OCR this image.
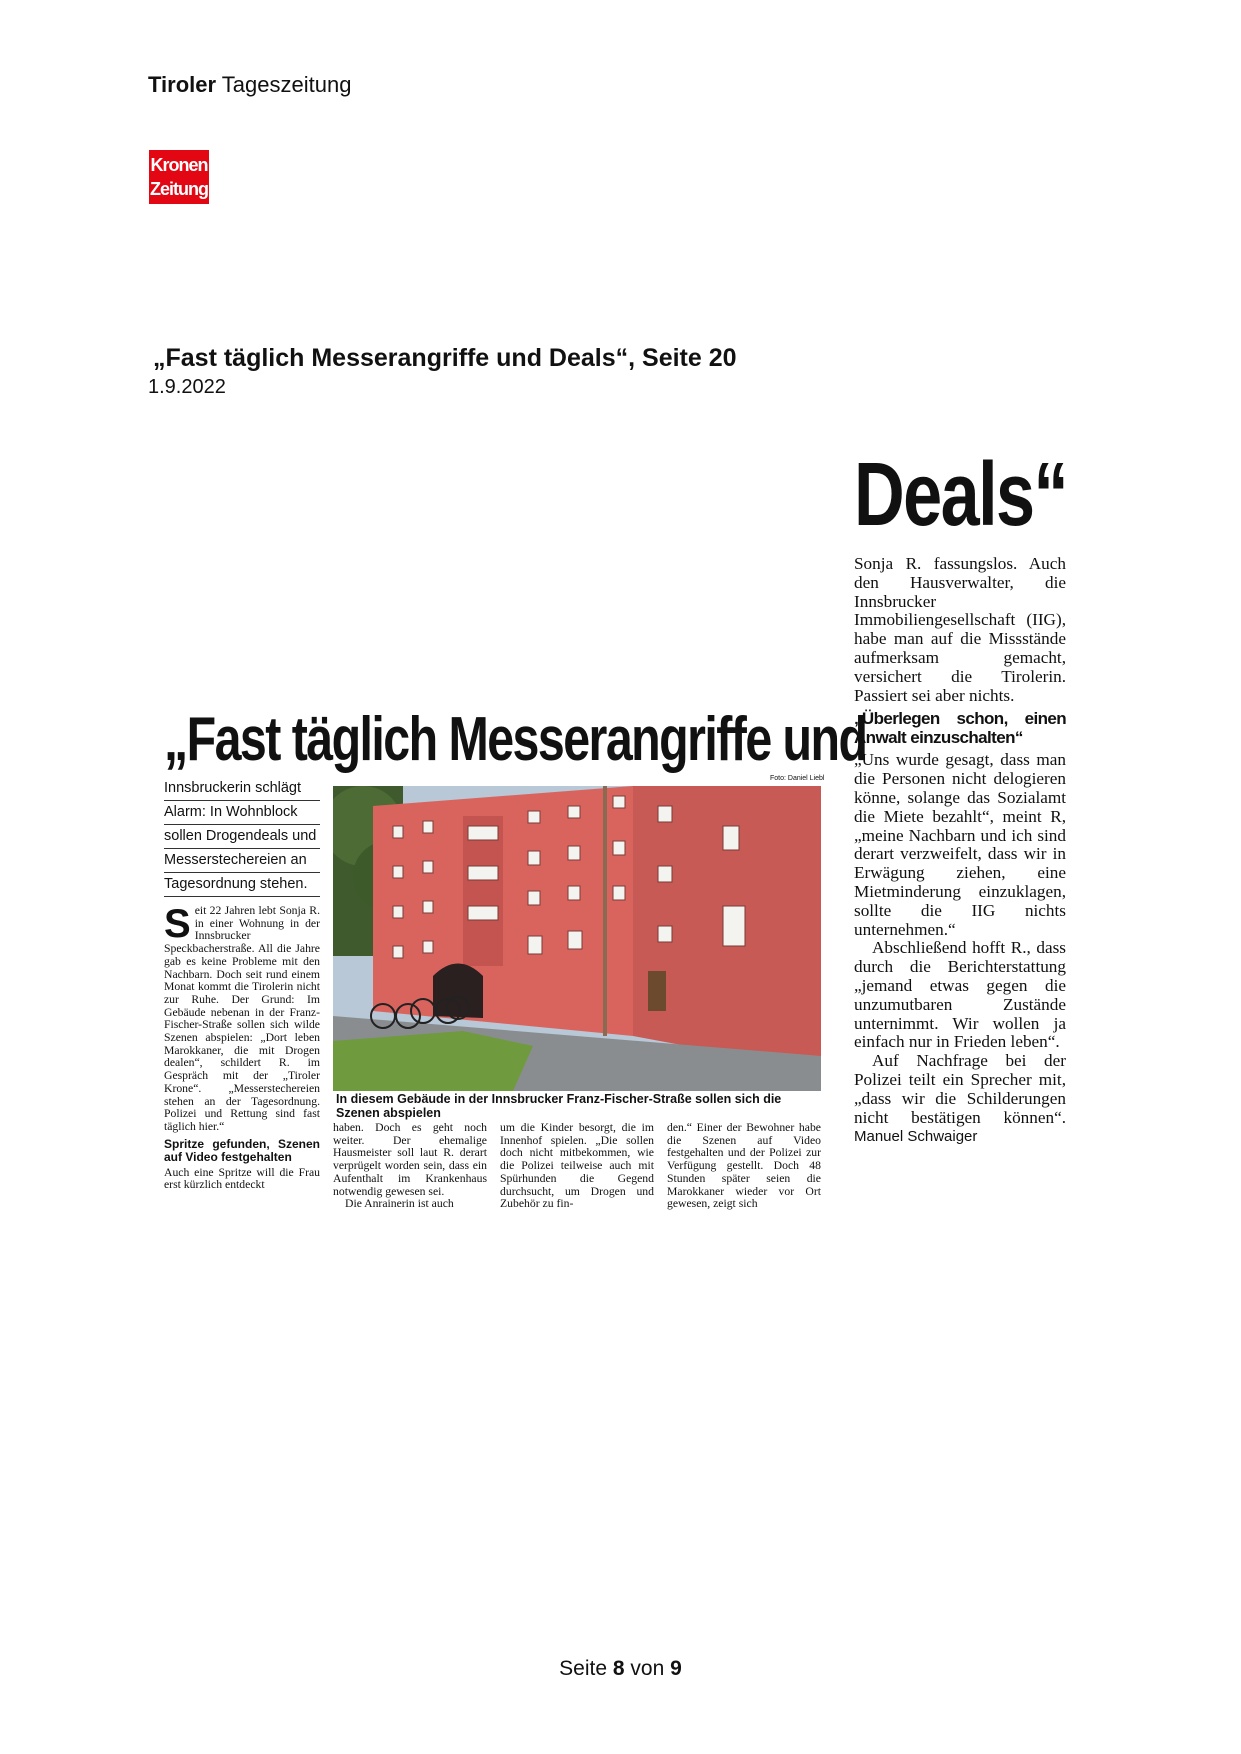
Tiroler Tageszeitung
Kronen
Zeitung
„Fast täglich Messerangriffe und Deals“, Seite 20
1.9.2022
Deals“

Sonja R. fassungslos. Auch den Hausverwalter, die Innsbrucker Immobiliengesellschaft (IIG), habe man auf die Missstände aufmerksam gemacht, versichert die Tirolerin. Passiert sei aber nichts.

„Überlegen schon, einen Anwalt einzuschalten“

„Uns wurde gesagt, dass man die Personen nicht delogieren könne, solange das Sozialamt die Miete bezahlt“, meint R, „meine Nachbarn und ich sind derart verzweifelt, dass wir in Erwägung ziehen, eine Mietminderung einzuklagen, sollte die IIG nichts unternehmen.“

Abschließend hofft R., dass durch die Berichterstattung „jemand etwas gegen die unzumutbaren Zustände unternimmt. Wir wollen ja einfach nur in Frieden leben“.

Auf Nachfrage bei der Polizei teilt ein Sprecher mit, „dass wir die Schilderungen nicht bestätigen können“. Manuel Schwaiger

„Fast täglich Messerangriffe und
Innsbruckerin schlägt
Alarm: In Wohnblock
sollen Drogendeals und
Messerstechereien an
Tagesordnung stehen.
Foto: Daniel Liebl
In diesem Gebäude in der Innsbrucker Franz-Fischer-Straße sollen sich die Szenen abspielen

Seit 22 Jahren lebt Sonja R. in einer Wohnung in der Innsbrucker Speckbacherstraße. All die Jahre gab es keine Probleme mit den Nachbarn. Doch seit rund einem Monat kommt die Tirolerin nicht zur Ruhe. Der Grund: Im Gebäude nebenan in der Franz-Fischer-Straße sollen sich wilde Szenen abspielen: „Dort leben Marokkaner, die mit Drogen dealen“, schildert R. im Gespräch mit der „Tiroler Krone“. „Messerstechereien stehen an der Tagesordnung. Polizei und Rettung sind fast täglich hier.“

Spritze gefunden, Szenen auf Video festgehalten

Auch eine Spritze will die Frau erst kürzlich entdeckt

haben. Doch es geht noch weiter. Der ehemalige Hausmeister soll laut R. derart verprügelt worden sein, dass ein Aufenthalt im Krankenhaus notwendig gewesen sei.

Die Anrainerin ist auch

um die Kinder besorgt, die im Innenhof spielen. „Die sollen doch nicht mitbekommen, wie die Polizei teilweise auch mit Spürhunden die Gegend durchsucht, um Drogen und Zubehör zu fin-

den.“ Einer der Bewohner habe die Szenen auf Video festgehalten und der Polizei zur Verfügung gestellt. Doch 48 Stunden später seien die Marokkaner wieder vor Ort gewesen, zeigt sich

Seite 8 von 9
